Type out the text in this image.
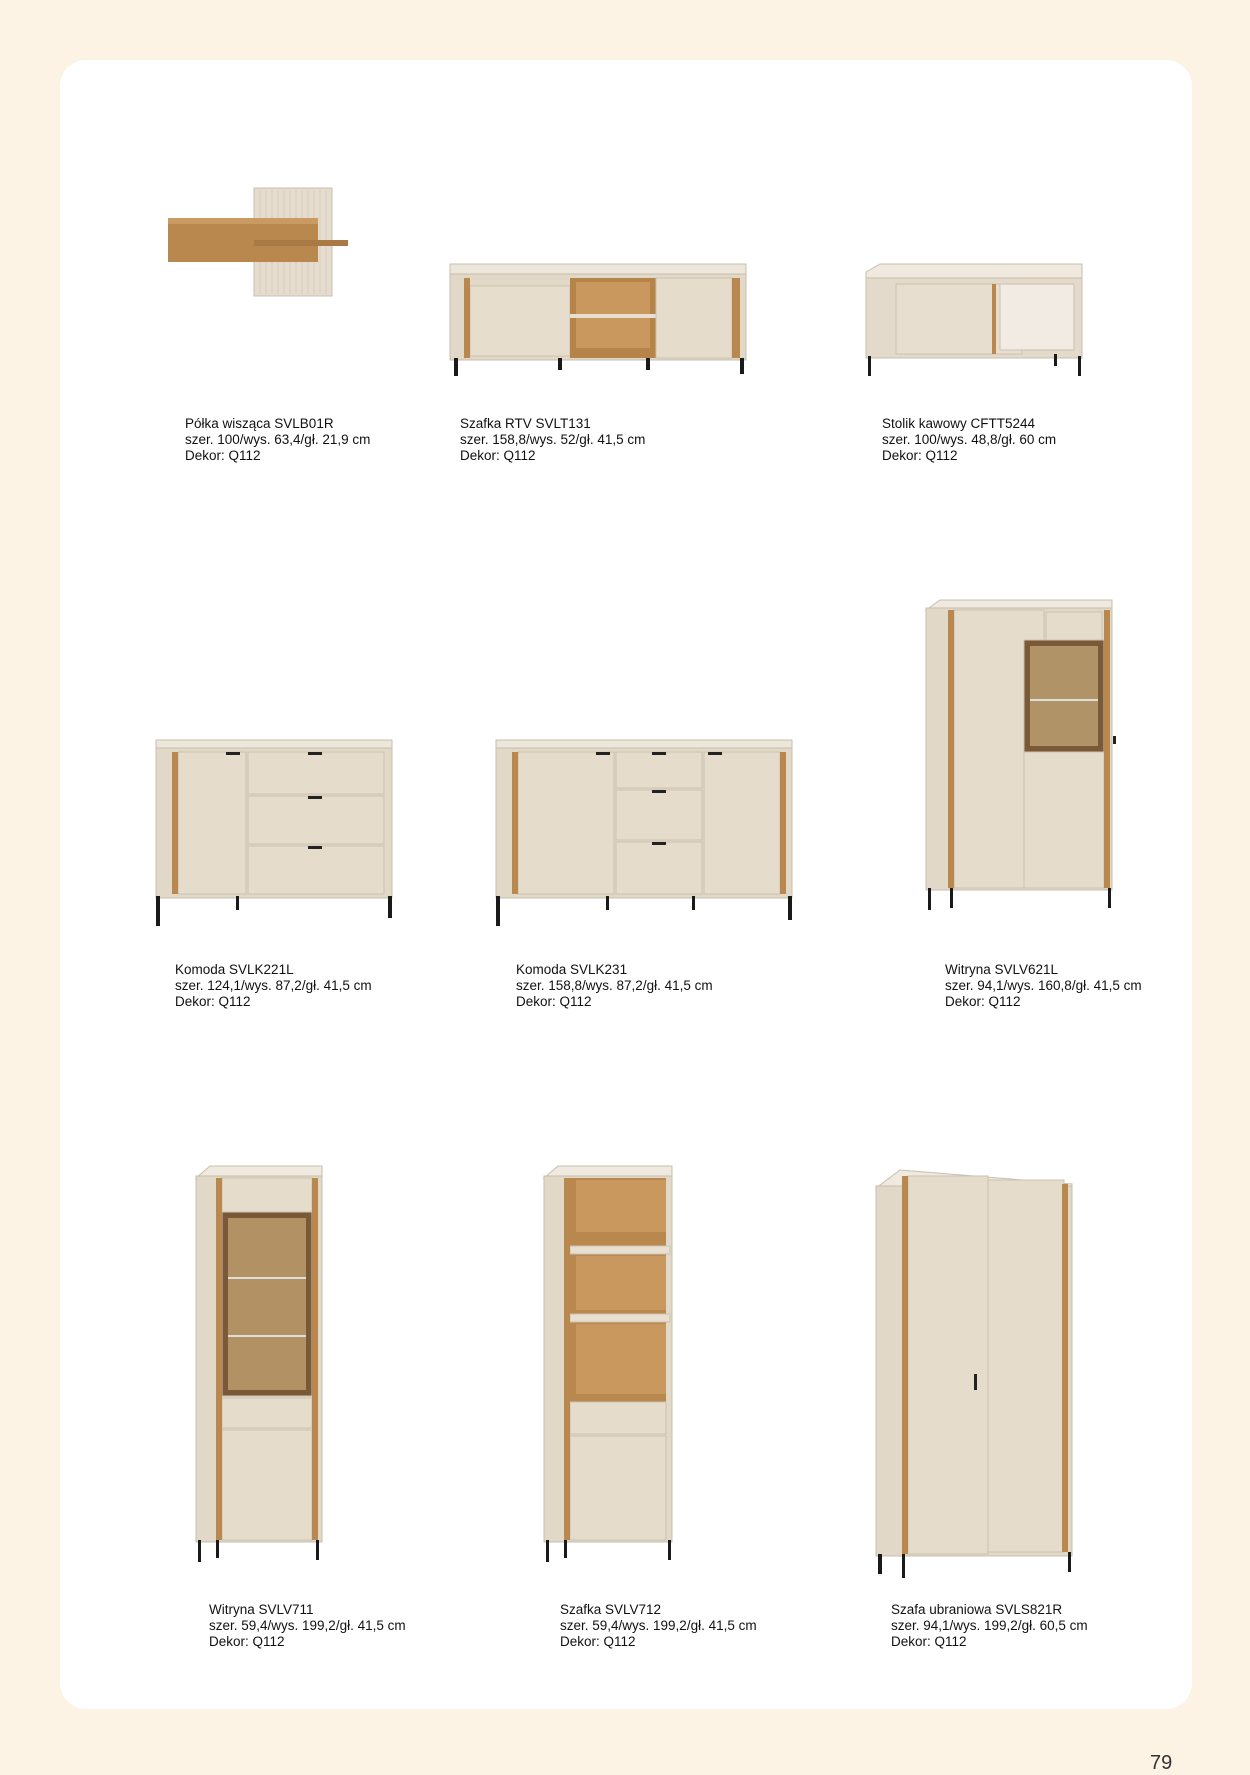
Półka wisząca SVLB01R
szer. 100/wys. 63,4/gł. 21,9 cm
Dekor: Q112
Szafka RTV SVLT131
szer. 158,8/wys. 52/gł. 41,5 cm
Dekor: Q112
Stolik kawowy CFTT5244
szer. 100/wys. 48,8/gł. 60 cm
Dekor: Q112
Komoda SVLK221L
szer. 124,1/wys. 87,2/gł. 41,5 cm
Dekor: Q112
Komoda SVLK231
szer. 158,8/wys. 87,2/gł. 41,5 cm
Dekor: Q112
Witryna SVLV621L
szer. 94,1/wys. 160,8/gł. 41,5 cm
Dekor: Q112
Witryna SVLV711
szer. 59,4/wys. 199,2/gł. 41,5 cm
Dekor: Q112
Szafka SVLV712
szer. 59,4/wys. 199,2/gł. 41,5 cm
Dekor: Q112
Szafa ubraniowa SVLS821R
szer. 94,1/wys. 199,2/gł. 60,5 cm
Dekor: Q112
79
